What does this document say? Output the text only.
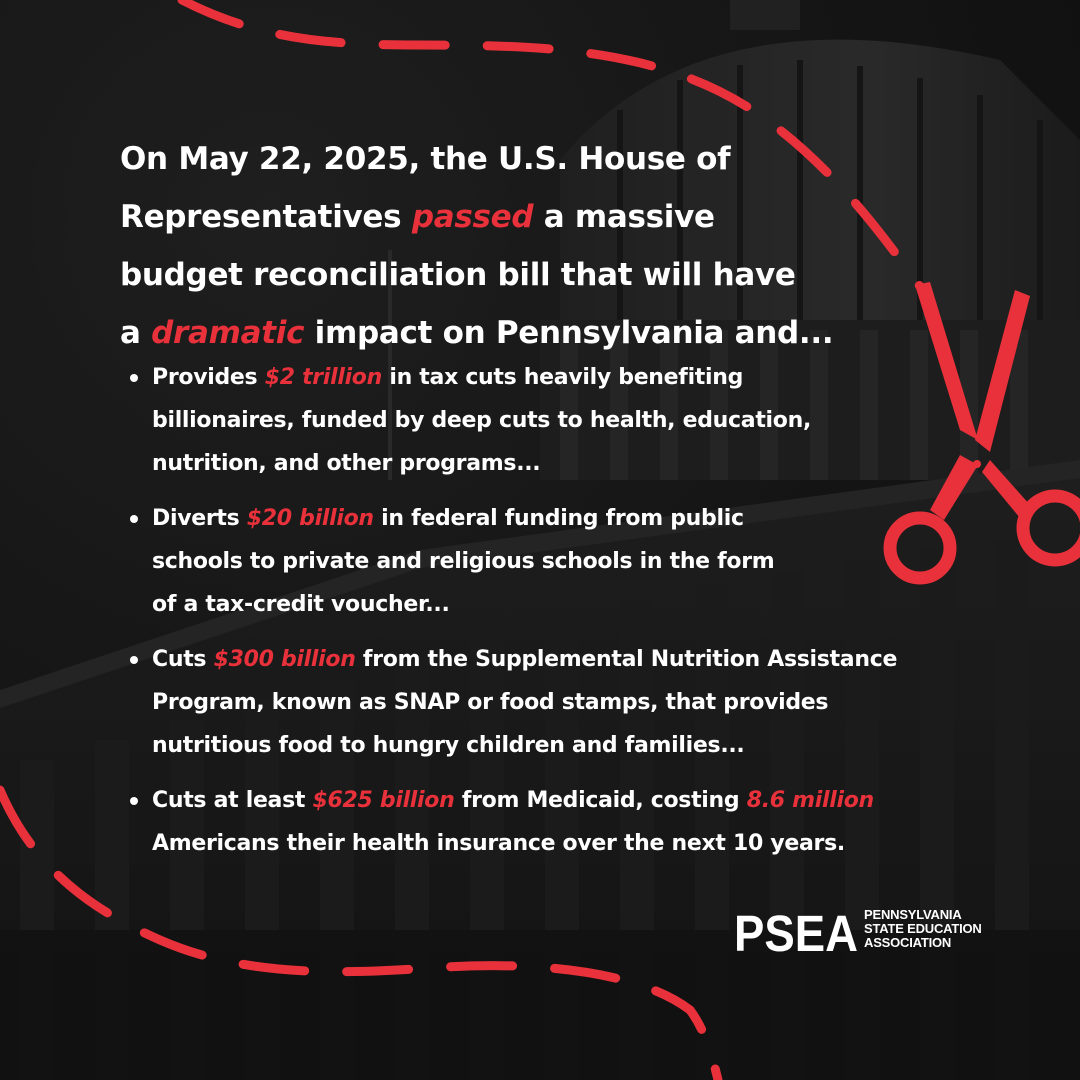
On May 22, 2025, the U.S. House of
Representatives passed a massive
budget reconciliation bill that will have
a dramatic impact on Pennsylvania and...
Provides $2 trillion in tax cuts heavily benefiting
billionaires, funded by deep cuts to health, education,
nutrition, and other programs...
Diverts $20 billion in federal funding from public
schools to private and religious schools in the form
of a tax-credit voucher...
Cuts $300 billion from the Supplemental Nutrition Assistance
Program, known as SNAP or food stamps, that provides
nutritious food to hungry children and families...
Cuts at least $625 billion from Medicaid, costing 8.6 million
Americans their health insurance over the next 10 years.
PSEA PENNSYLVANIA
STATE EDUCATION
ASSOCIATION
